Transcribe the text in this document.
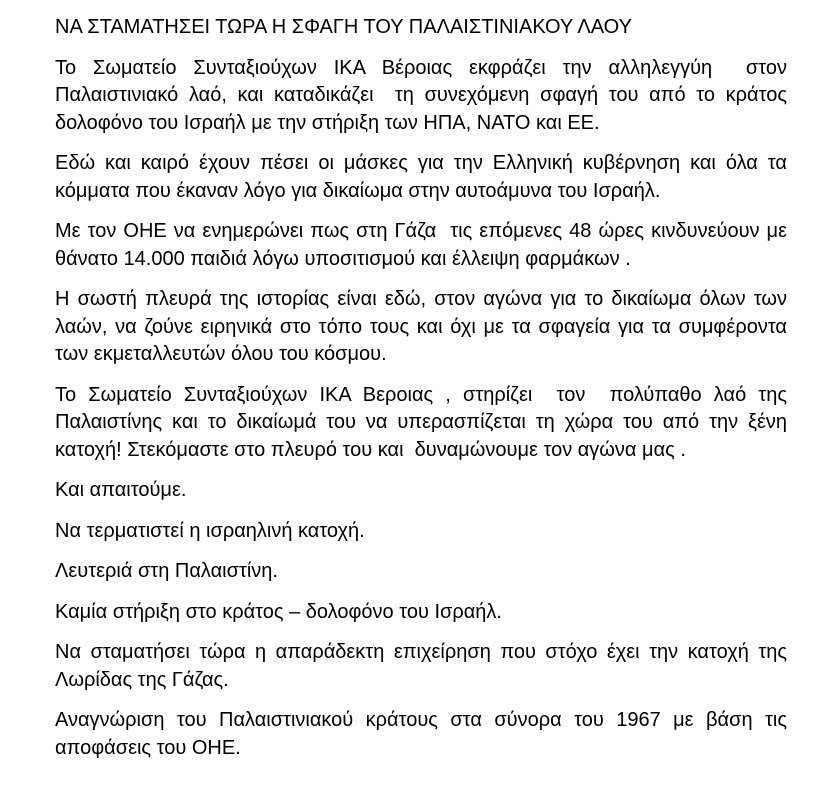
ΝΑ ΣΤΑΜΑΤΗΣΕΙ ΤΩΡΑ Η ΣΦΑΓΗ ΤΟΥ ΠΑΛΑΙΣΤΙΝΙΑΚΟΥ ΛΑΟΥ

Το Σωματείο Συνταξιούχων ΙΚΑ Βέροιας εκφράζει την αλληλεγγύη  στον Παλαιστινιακό λαό, και καταδικάζει  τη συνεχόμενη σφαγή του από το κράτος δολοφόνο του Ισραήλ με την στήριξη των ΗΠΑ, ΝΑΤΟ και ΕΕ.

Εδώ και καιρό έχουν πέσει οι μάσκες για την Ελληνική κυβέρνηση και όλα τα κόμματα που έκαναν λόγο για δικαίωμα στην αυτοάμυνα του Ισραήλ.

Με τον ΟΗΕ να ενημερώνει πως στη Γάζα  τις επόμενες 48 ώρες κινδυνεύουν με θάνατο 14.000 παιδιά λόγω υποσιτισμού και έλλειψη φαρμάκων .

Η σωστή πλευρά της ιστορίας είναι εδώ, στον αγώνα για το δικαίωμα όλων των λαών, να ζούνε ειρηνικά στο τόπο τους και όχι με τα σφαγεία για τα συμφέροντα των εκμεταλλευτών όλου του κόσμου.

Το Σωματείο Συνταξιούχων ΙΚΑ Βεροιας , στηρίζει  τον  πολύπαθο λαό της Παλαιστίνης και το δικαίωμά του να υπερασπίζεται τη χώρα του από την ξένη κατοχή! Στεκόμαστε στο πλευρό του και  δυναμώνουμε τον αγώνα μας .

Και απαιτούμε.

Να τερματιστεί η ισραηλινή κατοχή.

Λευτεριά στη Παλαιστίνη.

Καμία στήριξη στο κράτος – δολοφόνο του Ισραήλ.

Να σταματήσει τώρα η απαράδεκτη επιχείρηση που στόχο έχει την κατοχή της Λωρίδας της Γάζας.

Αναγνώριση του Παλαιστινιακού κράτους στα σύνορα του 1967 με βάση τις αποφάσεις του ΟΗΕ.
